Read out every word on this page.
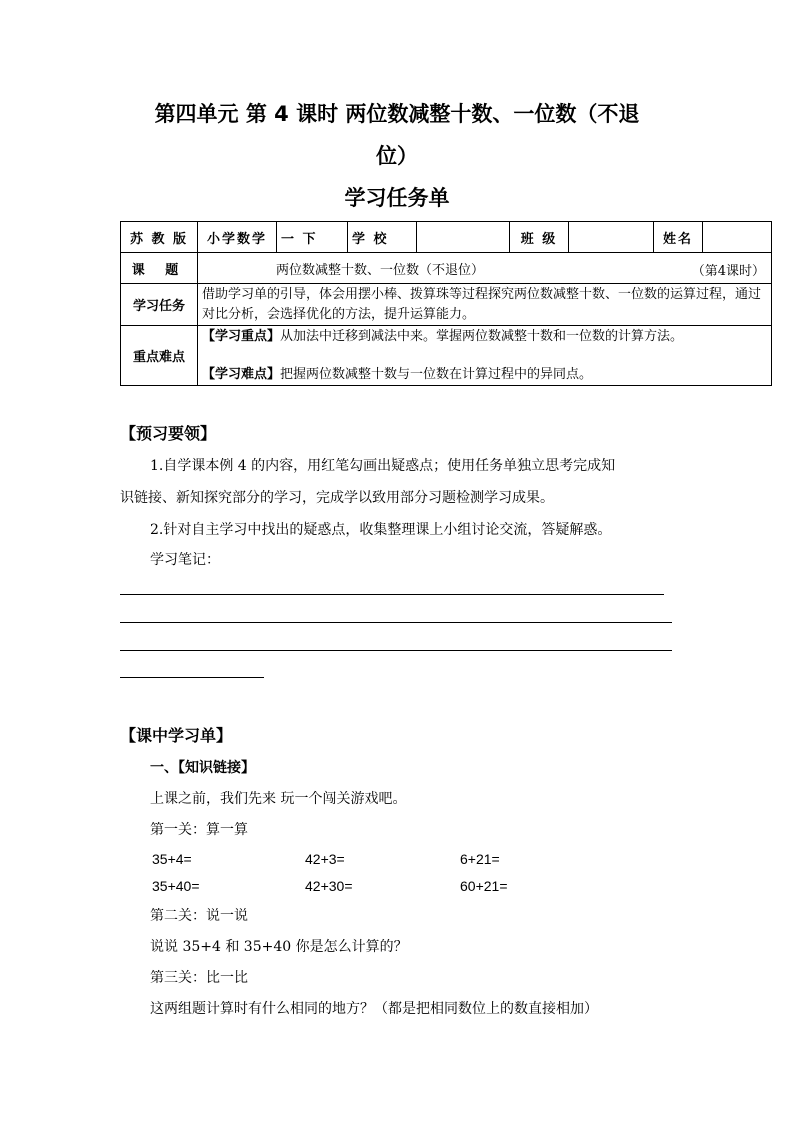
第四单元 第 4 课时 两位数减整十数、一位数（不退
位）
学习任务单
苏 教 版	小学数学	一 下	学 校		班 级		姓名	
课 题	两位数减整十数、一位数（不退位） （第4课时）							

学习任务	借助学习单的引导，体会用摆小棒、拨算珠等过程探究两位数减整十数、一位数的运算过程，通过对比分析，会选择优化的方法，提升运算能力。							
重点难点	【学习重点】从加法中迁移到减法中来。掌握两位数减整十数和一位数的计算方法。
【学习难点】把握两位数减整十数与一位数在计算过程中的异同点。							
【预习要领】
1.自学课本例 4 的内容，用红笔勾画出疑惑点；使用任务单独立思考完成知
识链接、新知探究部分的学习，完成学以致用部分习题检测学习成果。
2.针对自主学习中找出的疑惑点，收集整理课上小组讨论交流，答疑解惑。
学习笔记：
【课中学习单】
一、【知识链接】
上课之前，我们先来 玩一个闯关游戏吧。
第一关：算一算
35+4=	42+3=	6+21=
35+40=	42+30=	60+21=
第二关：说一说
说说 35+4 和 35+40 你是怎么计算的？
第三关：比一比
这两组题计算时有什么相同的地方？（都是把相同数位上的数直接相加）
